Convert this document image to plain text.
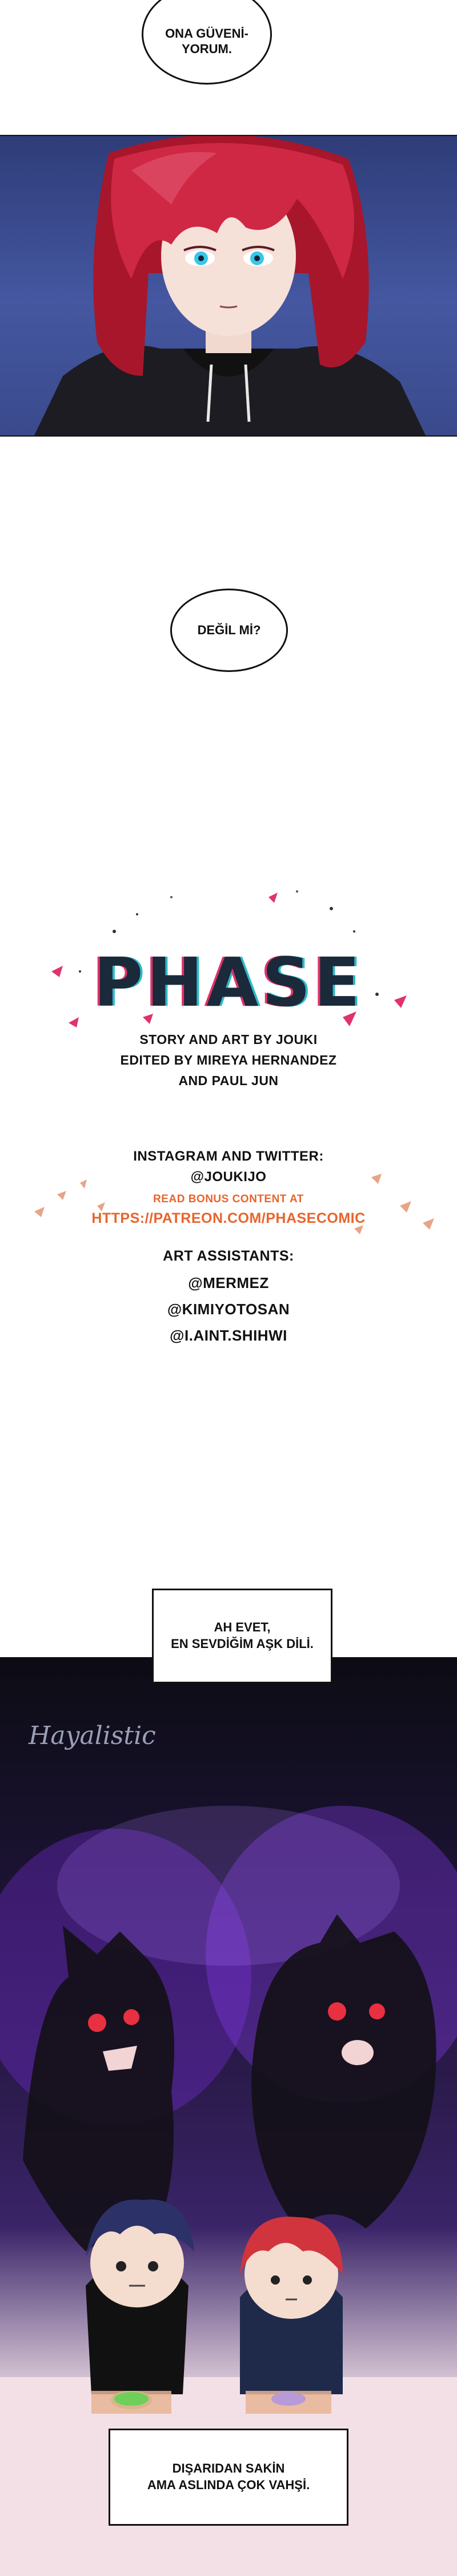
ONA GÜVENİ-
YORUM.
DEĞİL Mİ?
PHASE
STORY AND ART BY JOUKI
EDITED BY MIREYA HERNANDEZ
AND PAUL JUN
INSTAGRAM AND TWITTER:
@JOUKIJO
READ BONUS CONTENT AT
HTTPS://PATREON.COM/PHASECOMIC
ART ASSISTANTS:
@MERMEZ
@KIMIYOTOSAN
@I.AINT.SHIHWI
Hayalistic
AH EVET,
EN SEVDİĞİM AŞK DİLİ.
DIŞARIDAN SAKİN
AMA ASLINDA ÇOK VAHŞİ.
